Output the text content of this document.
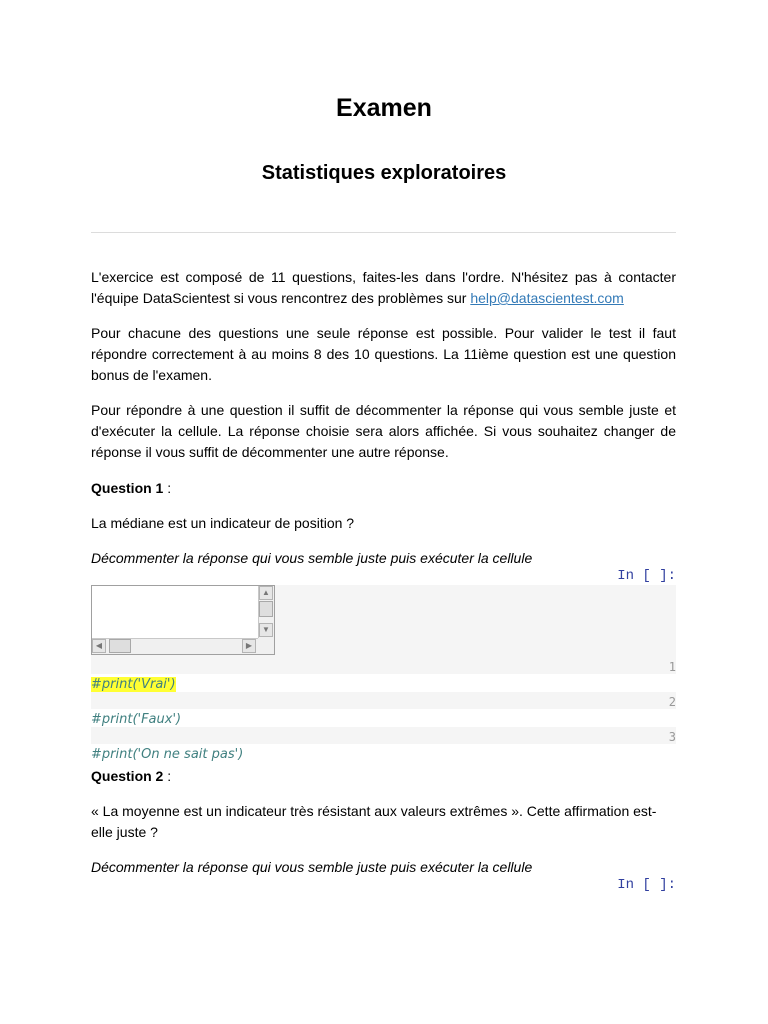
Examen
Statistiques exploratoires

L'exercice est composé de 11 questions, faites-les dans l'ordre. N'hésitez pas à contacter l'équipe DataScientest si vous rencontrez des problèmes sur help@datascientest.com

Pour chacune des questions une seule réponse est possible. Pour valider le test il faut répondre correctement à au moins 8 des 10 questions. La 11ième question est une question bonus de l'examen.

Pour répondre à une question il suffit de décommenter la réponse qui vous semble juste et d'exécuter la cellule. La réponse choisie sera alors affichée. Si vous souhaitez changer de réponse il vous suffit de décommenter une autre réponse.

Question 1 :

La médiane est un indicateur de position ?

Décommenter la réponse qui vous semble juste puis exécuter la cellule

In [ ]:
▲
▼
◀	▶
1
#print('Vrai')
2
#print('Faux')
3
#print('On ne sait pas')

Question 2 :

« La moyenne est un indicateur très résistant aux valeurs extrêmes ». Cette affirmation est-elle juste ?

Décommenter la réponse qui vous semble juste puis exécuter la cellule

In [ ]:
